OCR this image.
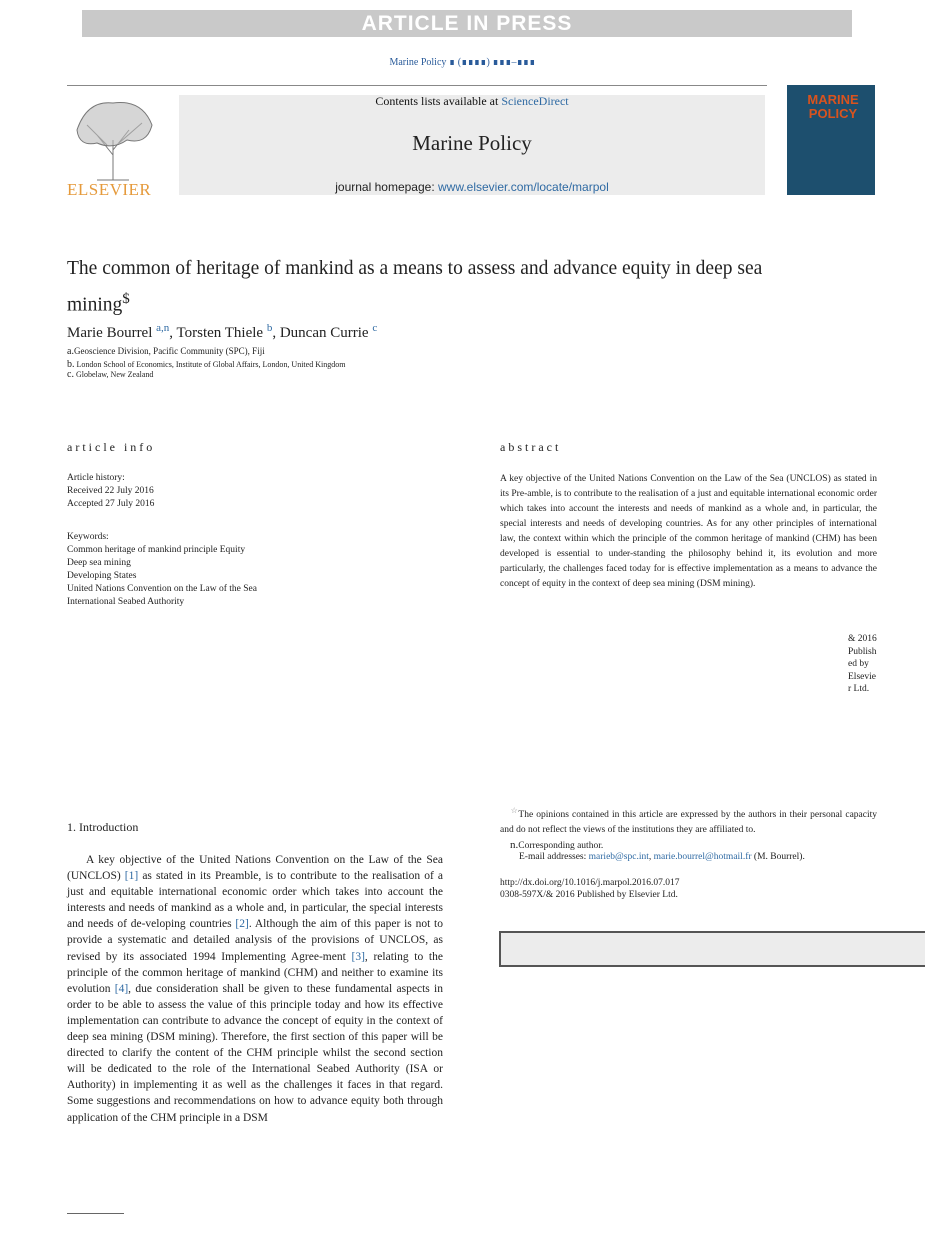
ARTICLE IN PRESS
Marine Policy ∎ (∎∎∎∎) ∎∎∎–∎∎∎
ELSEVIER
Contents lists available at ScienceDirect
Marine Policy
journal homepage: www.elsevier.com/locate/marpol
MARINE POLICY
The common of heritage of mankind as a means to assess and advance equity in deep sea mining$
Marie Bourrel $^{a,n}$, Torsten Thiele $^b$, Duncan Currie $^c$
a.Geoscience Division, Pacific Community (SPC), Fiji
b. London School of Economics, Institute of Global Affairs, London, United Kingdom
c. Globelaw, New Zealand
article info
Article history:
Received 22 July 2016
Accepted 27 July 2016
Keywords:
Common heritage of mankind principle Equity
Deep sea mining
Developing States
United Nations Convention on the Law of the Sea
International Seabed Authority
abstract
A key objective of the United Nations Convention on the Law of the Sea (UNCLOS) as stated in its Pre-amble, is to contribute to the realisation of a just and equitable international economic order which takes into account the interests and needs of mankind as a whole and, in particular, the special interests and needs of developing countries. As for any other principles of international law, the context within which the principle of the common heritage of mankind (CHM) has been developed is essential to under-standing the philosophy behind it, its evolution and more particularly, the challenges faced today for is effective implementation as a means to advance the concept of equity in the context of deep sea mining (DSM mining).
& 2016 Published by Elsevier Ltd.
1. Introduction
A key objective of the United Nations Convention on the Law of the Sea (UNCLOS) [1] as stated in its Preamble, is to contribute to the realisation of a just and equitable international economic order which takes into account the interests and needs of mankind as a whole and, in particular, the special interests and needs of de-veloping countries [2]. Although the aim of this paper is not to provide a systematic and detailed analysis of the provisions of UNCLOS, as revised by its associated 1994 Implementing Agree-ment [3], relating to the principle of the common heritage of mankind (CHM) and neither to examine its evolution [4], due consideration shall be given to these fundamental aspects in order to be able to assess the value of this principle today and how its effective implementation can contribute to advance the concept of equity in the context of deep sea mining (DSM mining). Therefore, the first section of this paper will be directed to clarify the content of the CHM principle whilst the second section will be dedicated to the role of the International Seabed Authority (ISA or Authority) in implementing it as well as the challenges it faces in that regard. Some suggestions and recommendations on how to advance equity both through application of the CHM principle in a DSM
☆The opinions contained in this article are expressed by the authors in their personal capacity and do not reflect the views of the institutions they are affiliated to.
n.Corresponding author.
E-mail addresses: marieb@spc.int, marie.bourrel@hotmail.fr (M. Bourrel).
http://dx.doi.org/10.1016/j.marpol.2016.07.017
0308-597X/& 2016 Published by Elsevier Ltd.
